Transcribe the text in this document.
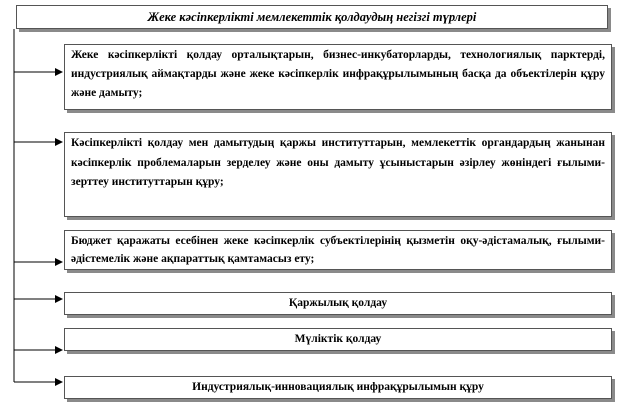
Жеке кәсіпкерлікті мемлекеттік қолдаудың негізгі түрлері
Жеке кәсіпкерлікті қолдау орталықтарын, бизнес-инкубаторларды, технологиялық парктерді, индустриялық аймақтарды және жеке кәсіпкерлік инфрақұрылымының басқа да объектілерін құру және дамыту;
Кәсіпкерлікті қолдау мен дамытудың қаржы институттарын, мемлекеттік органдардың жанынан кәсіпкерлік проблемаларын зерделеу және оны дамыту ұсыныстарын әзірлеу жөніндегі ғылыми-зерттеу институттарын құру;
Бюджет қаражаты есебінен жеке кәсіпкерлік субъектілерінің қызметін оқу-әдістамалық, ғылыми-әдістемелік және ақпараттық қамтамасыз ету;
Қаржылық қолдау
Мүліктік қолдау
Индустриялық-инновациялық инфрақұрылымын құру
